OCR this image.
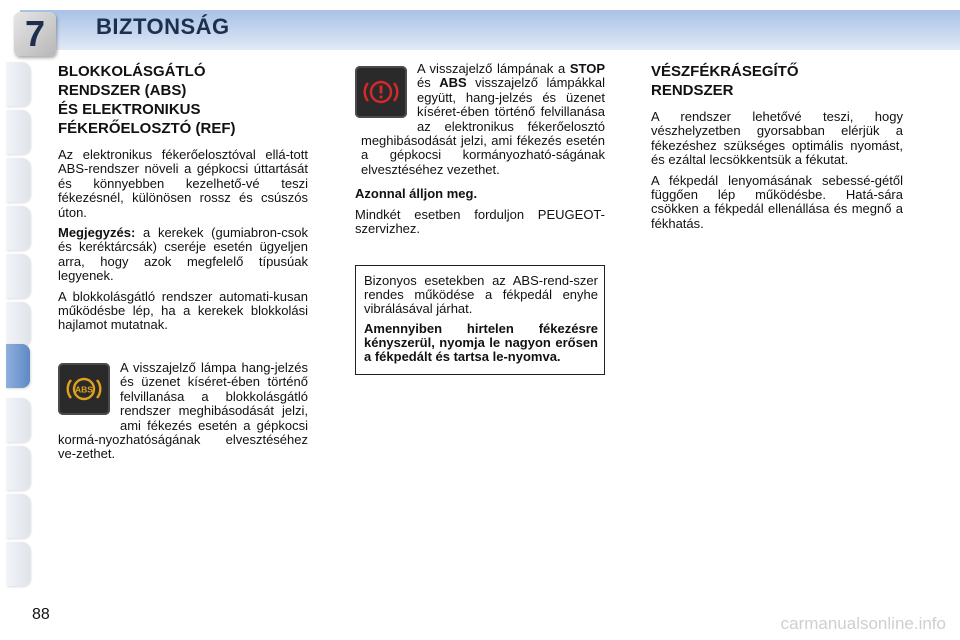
7 BIZTONSÁG
BLOKKOLÁSGÁTLÓ
RENDSZER (ABS)
ÉS ELEKTRONIKUS
FÉKERŐELOSZTÓ (REF)

Az elektronikus fékerőelosztóval ellá-tott ABS-rendszer növeli a gépkocsi úttartását és könnyebben kezelhető-vé teszi fékezésnél, különösen rossz és csúszós úton.

Megjegyzés: a kerekek (gumiabron-csok és keréktárcsák) cseréje esetén ügyeljen arra, hogy azok megfelelő típusúak legyenek.

A blokkolásgátló rendszer automati-kusan működésbe lép, ha a kerekek blokkolási hajlamot mutatnak.

ABS

A visszajelző lámpa hang-jelzés és üzenet kíséret-ében történő felvillanása a blokkolásgátló rendszer meghibásodását jelzi, ami fékezés esetén a gépkocsi kormá-nyozhatóságának elvesztéséhez ve-zethet.

A visszajelző lámpának a STOP és ABS visszajelző lámpákkal együtt, hang-jelzés és üzenet kíséret-ében történő felvillanása az elektronikus fékerőelosztó meghibásodását jelzi, ami fékezés esetén a gépkocsi kormányozható-ságának elvesztéséhez vezethet.

Azonnal álljon meg.

Mindkét esetben forduljon PEUGEOT-szervizhez.

Bizonyos esetekben az ABS-rend-szer rendes működése a fékpedál enyhe vibrálásával járhat.

Amennyiben hirtelen fékezésre kényszerül, nyomja le nagyon erősen a fékpedált és tartsa le-nyomva.

VÉSZFÉKRÁSEGÍTŐ
RENDSZER

A rendszer lehetővé teszi, hogy vészhelyzetben gyorsabban elérjük a fékezéshez szükséges optimális nyomást, és ezáltal lecsökkentsük a fékutat.

A fékpedál lenyomásának sebessé-gétől függően lép működésbe. Hatá-sára csökken a fékpedál ellenállása és megnő a fékhatás.

88	carmanualsonline.info
